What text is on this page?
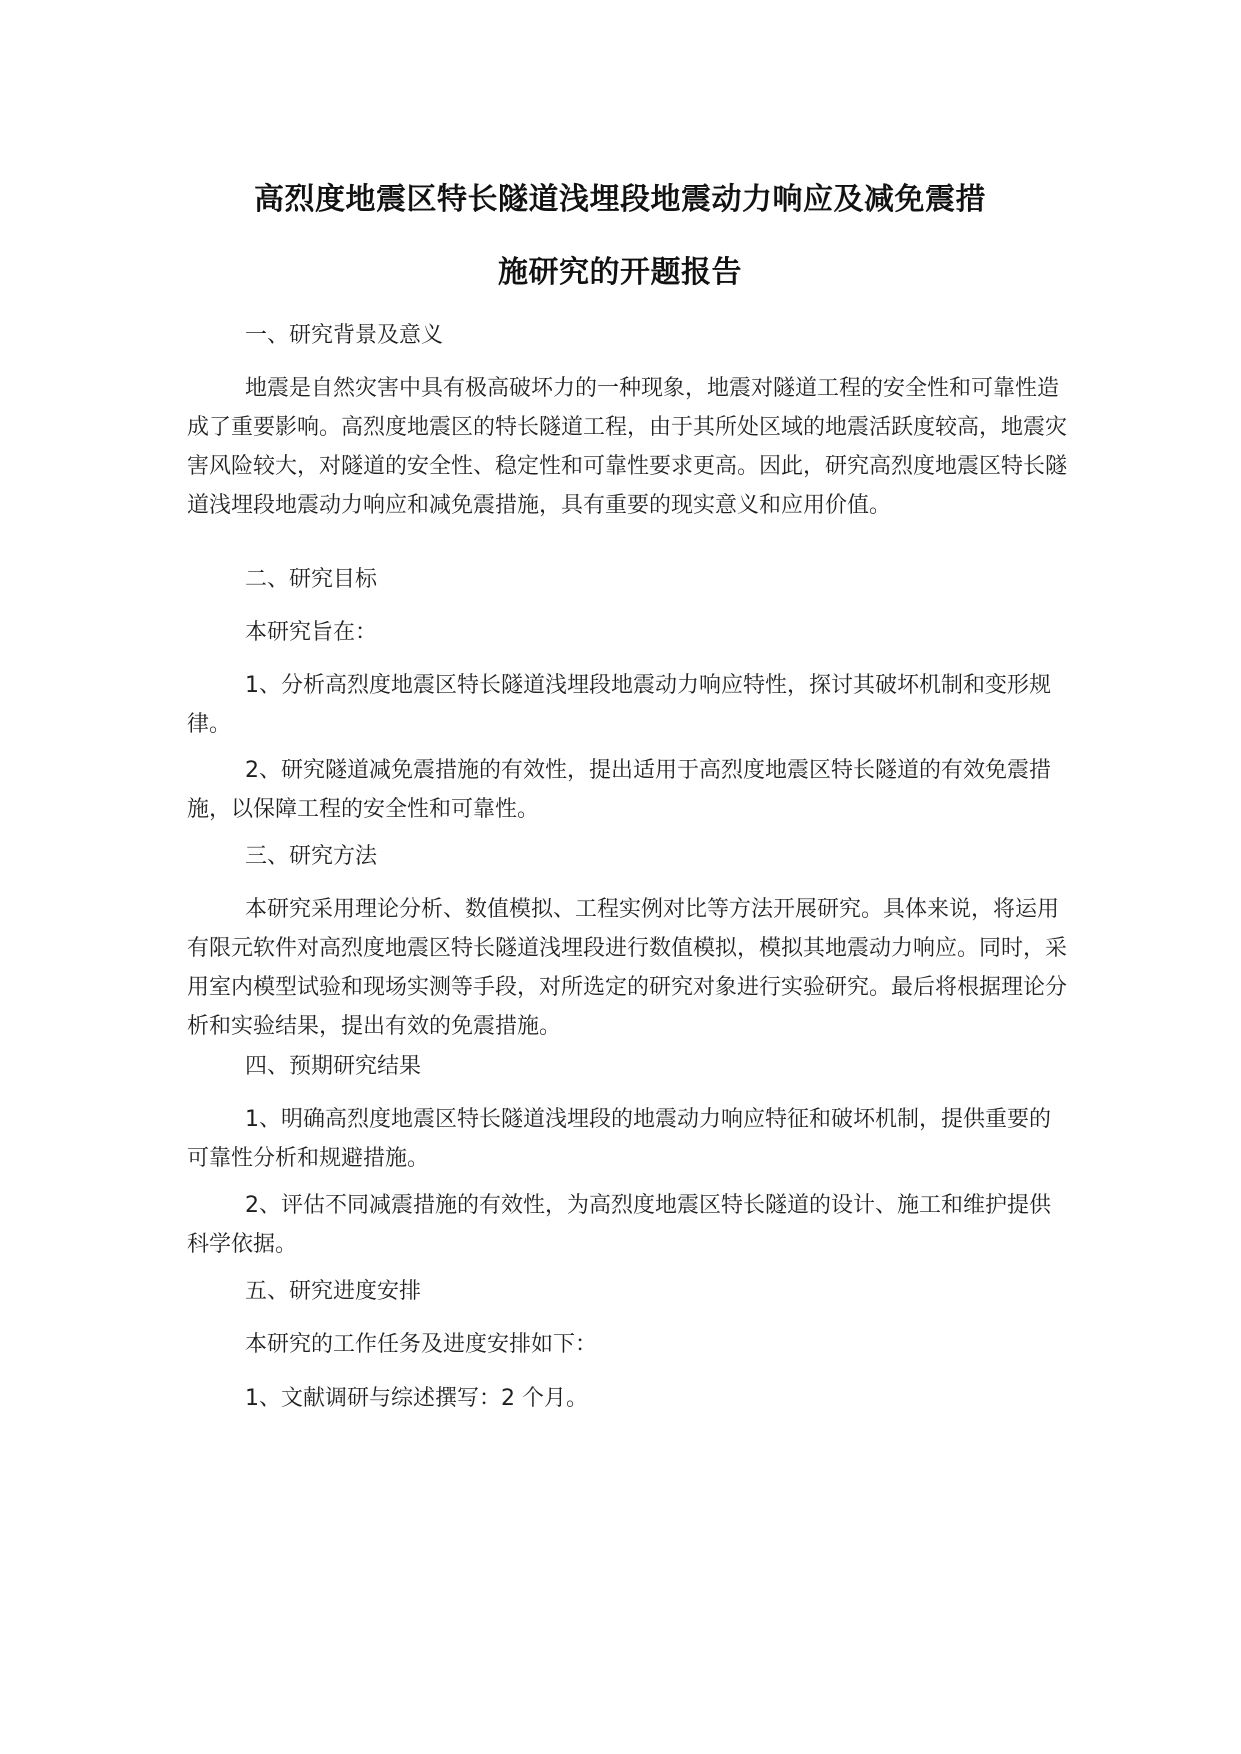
高烈度地震区特长隧道浅埋段地震动力响应及减免震措
施研究的开题报告
一、研究背景及意义
地震是自然灾害中具有极高破坏力的一种现象，地震对隧道工程的安全性和可靠性造成了重要影响。高烈度地震区的特长隧道工程，由于其所处区域的地震活跃度较高，地震灾害风险较大，对隧道的安全性、稳定性和可靠性要求更高。因此，研究高烈度地震区特长隧道浅埋段地震动力响应和减免震措施，具有重要的现实意义和应用价值。
二、研究目标
本研究旨在：
1、分析高烈度地震区特长隧道浅埋段地震动力响应特性，探讨其破坏机制和变形规律。
2、研究隧道减免震措施的有效性，提出适用于高烈度地震区特长隧道的有效免震措施，以保障工程的安全性和可靠性。
三、研究方法
本研究采用理论分析、数值模拟、工程实例对比等方法开展研究。具体来说，将运用有限元软件对高烈度地震区特长隧道浅埋段进行数值模拟，模拟其地震动力响应。同时，采用室内模型试验和现场实测等手段，对所选定的研究对象进行实验研究。最后将根据理论分析和实验结果，提出有效的免震措施。
四、预期研究结果
1、明确高烈度地震区特长隧道浅埋段的地震动力响应特征和破坏机制，提供重要的可靠性分析和规避措施。
2、评估不同减震措施的有效性，为高烈度地震区特长隧道的设计、施工和维护提供科学依据。
五、研究进度安排
本研究的工作任务及进度安排如下：
1、文献调研与综述撰写：2 个月。
